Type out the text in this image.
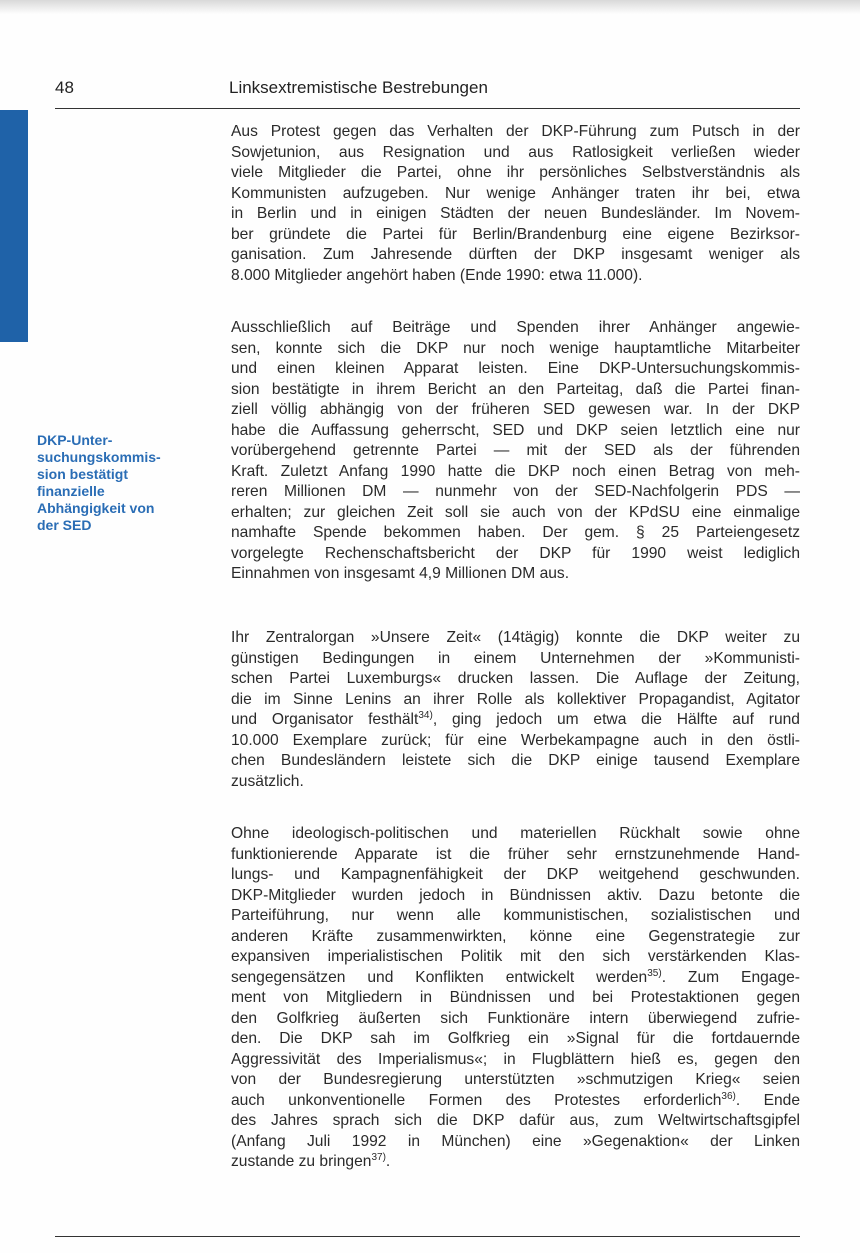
48	Linksextremistische Bestrebungen
DKP-Unter-
suchungskommis-
sion bestätigt
finanzielle
Abhängigkeit von
der SED
Aus Protest gegen das Verhalten der DKP-Führung zum Putsch in der
Sowjetunion, aus Resignation und aus Ratlosigkeit verließen wieder
viele Mitglieder die Partei, ohne ihr persönliches Selbstverständnis als
Kommunisten aufzugeben. Nur wenige Anhänger traten ihr bei, etwa
in Berlin und in einigen Städten der neuen Bundesländer. Im Novem-
ber gründete die Partei für Berlin/Brandenburg eine eigene Bezirksor-
ganisation. Zum Jahresende dürften der DKP insgesamt weniger als
8.000 Mitglieder angehört haben (Ende 1990: etwa 11.000).
Ausschließlich auf Beiträge und Spenden ihrer Anhänger angewie-
sen, konnte sich die DKP nur noch wenige hauptamtliche Mitarbeiter
und einen kleinen Apparat leisten. Eine DKP-Untersuchungskommis-
sion bestätigte in ihrem Bericht an den Parteitag, daß die Partei finan-
ziell völlig abhängig von der früheren SED gewesen war. In der DKP
habe die Auffassung geherrscht, SED und DKP seien letztlich eine nur
vorübergehend getrennte Partei — mit der SED als der führenden
Kraft. Zuletzt Anfang 1990 hatte die DKP noch einen Betrag von meh-
reren Millionen DM — nunmehr von der SED-Nachfolgerin PDS —
erhalten; zur gleichen Zeit soll sie auch von der KPdSU eine einmalige
namhafte Spende bekommen haben. Der gem. § 25 Parteiengesetz
vorgelegte Rechenschaftsbericht der DKP für 1990 weist lediglich
Einnahmen von insgesamt 4,9 Millionen DM aus.
Ihr Zentralorgan »Unsere Zeit« (14tägig) konnte die DKP weiter zu
günstigen Bedingungen in einem Unternehmen der »Kommunisti-
schen Partei Luxemburgs« drucken lassen. Die Auflage der Zeitung,
die im Sinne Lenins an ihrer Rolle als kollektiver Propagandist, Agitator
und Organisator festhält$^{34)}$, ging jedoch um etwa die Hälfte auf rund
10.000 Exemplare zurück; für eine Werbekampagne auch in den östli-
chen Bundesländern leistete sich die DKP einige tausend Exemplare
zusätzlich.
Ohne ideologisch-politischen und materiellen Rückhalt sowie ohne
funktionierende Apparate ist die früher sehr ernstzunehmende Hand-
lungs- und Kampagnenfähigkeit der DKP weitgehend geschwunden.
DKP-Mitglieder wurden jedoch in Bündnissen aktiv. Dazu betonte die
Parteiführung, nur wenn alle kommunistischen, sozialistischen und
anderen Kräfte zusammenwirkten, könne eine Gegenstrategie zur
expansiven imperialistischen Politik mit den sich verstärkenden Klas-
sengegensätzen und Konflikten entwickelt werden$^{35)}$. Zum Engage-
ment von Mitgliedern in Bündnissen und bei Protestaktionen gegen
den Golfkrieg äußerten sich Funktionäre intern überwiegend zufrie-
den. Die DKP sah im Golfkrieg ein »Signal für die fortdauernde
Aggressivität des Imperialismus«; in Flugblättern hieß es, gegen den
von der Bundesregierung unterstützten »schmutzigen Krieg« seien
auch unkonventionelle Formen des Protestes erforderlich$^{36)}$. Ende
des Jahres sprach sich die DKP dafür aus, zum Weltwirtschaftsgipfel
(Anfang Juli 1992 in München) eine »Gegenaktion« der Linken
zustande zu bringen$^{37)}$.
